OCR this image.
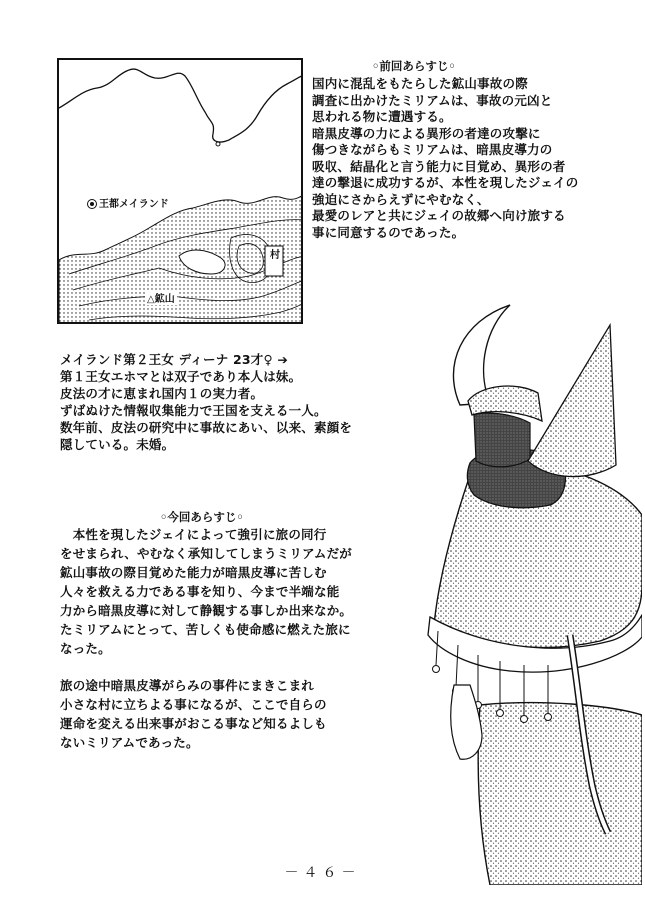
王都メイランド
△鉱山
村
◦前回あらすじ◦
国内に混乱をもたらした鉱山事故の際
調査に出かけたミリアムは、事故の元凶と
思われる物に遭遇する。
暗黒皮導の力による異形の者達の攻撃に
傷つきながらもミリアムは、暗黒皮導力の
吸収、結晶化と言う能力に目覚め、異形の者
達の撃退に成功するが、本性を現したジェイの
強迫にさからえずにやむなく、
最愛のレアと共にジェイの故郷へ向け旅する
事に同意するのであった。
メイランド第２王女 ディーナ 23才♀ ➔
第１王女エホマとは双子であり本人は妹。
皮法の才に恵まれ国内１の実力者。
ずばぬけた情報収集能力で王国を支える一人。
数年前、皮法の研究中に事故にあい、以来、素顔を
隠している。未婚。
◦今回あらすじ◦
　本性を現したジェイによって強引に旅の同行
をせまられ、やむなく承知してしまうミリアムだが
鉱山事故の際目覚めた能力が暗黒皮導に苦しむ
人々を救える力である事を知り、今まで半端な能
力から暗黒皮導に対して静観する事しか出来なか。
たミリアムにとって、苦しくも使命感に燃えた旅に
なった。
旅の途中暗黒皮導がらみの事件にまきこまれ
小さな村に立ちよる事になるが、ここで自らの
運命を変える出来事がおこる事など知るよしも
ないミリアムであった。
－４６－
